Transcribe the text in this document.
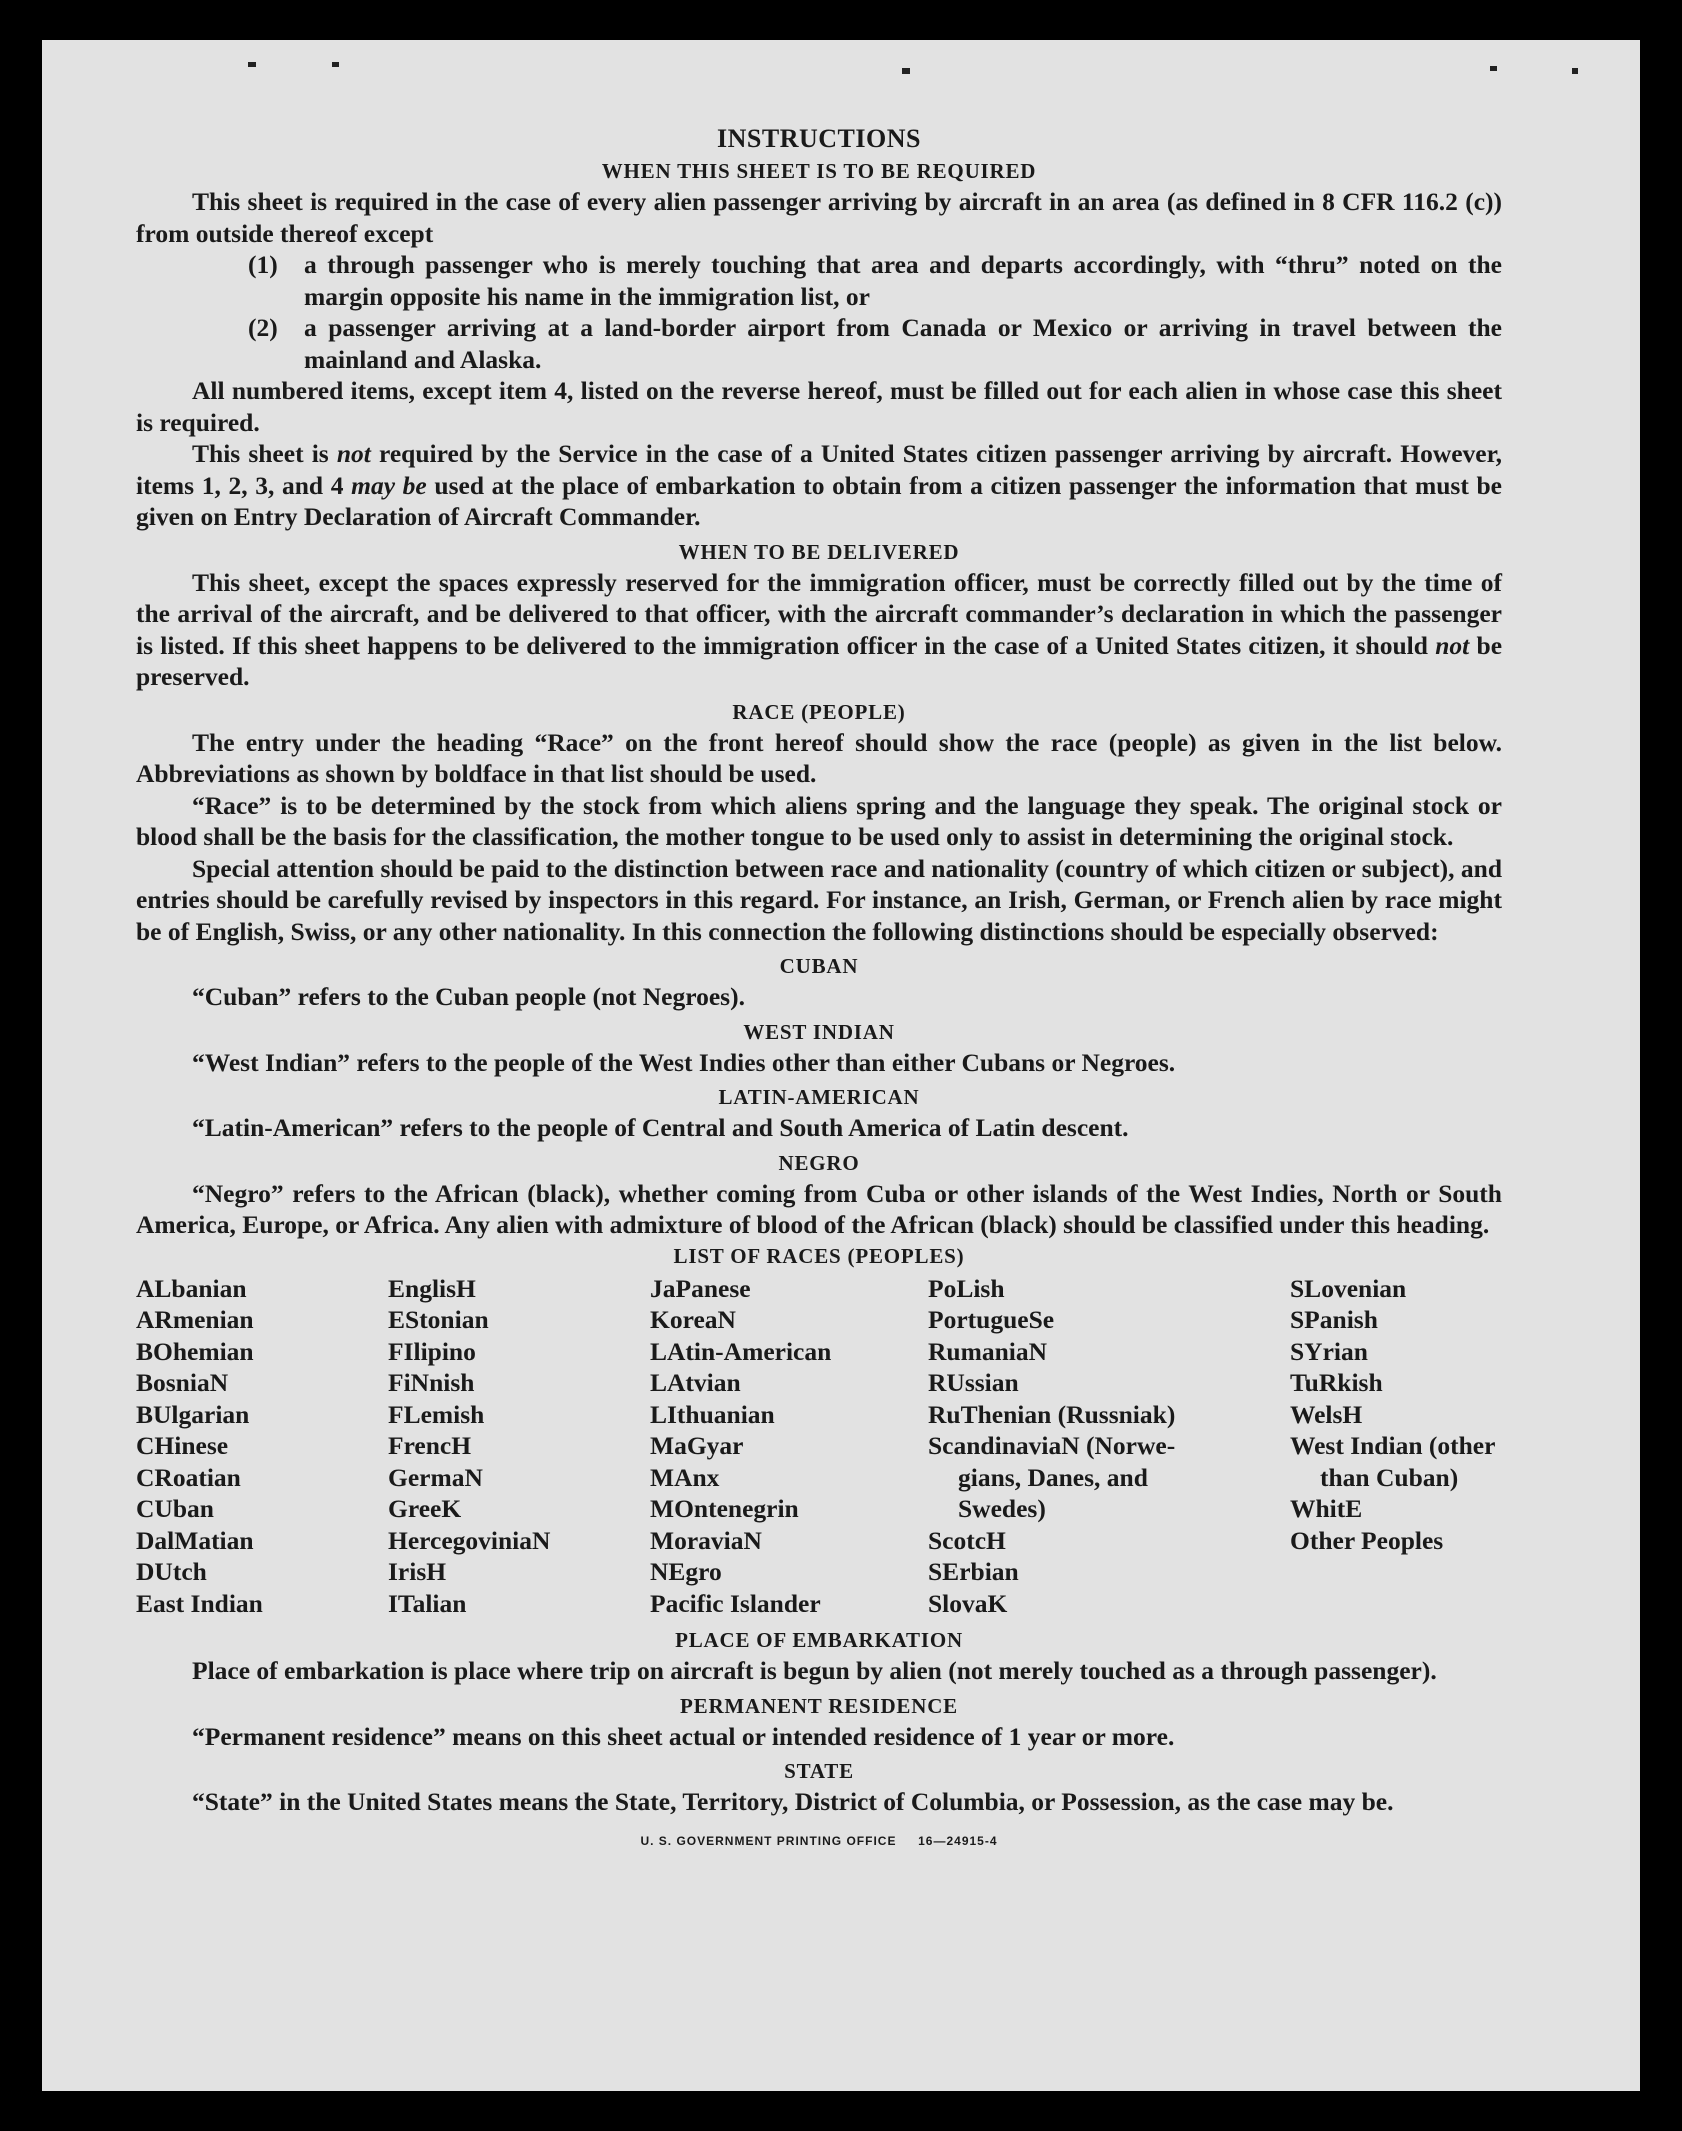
INSTRUCTIONS
WHEN THIS SHEET IS TO BE REQUIRED
This sheet is required in the case of every alien passenger arriving by aircraft in an area (as defined in 8 CFR 116.2 (c)) from outside thereof except
(1)	a through passenger who is merely touching that area and departs accordingly, with “thru” noted on the margin opposite his name in the immigration list, or
(2)	a passenger arriving at a land-border airport from Canada or Mexico or arriving in travel between the mainland and Alaska.
All numbered items, except item 4, listed on the reverse hereof, must be filled out for each alien in whose case this sheet is required.
This sheet is not required by the Service in the case of a United States citizen passenger arriving by aircraft. However, items 1, 2, 3, and 4 may be used at the place of embarkation to obtain from a citizen passenger the information that must be given on Entry Declaration of Aircraft Commander.
WHEN TO BE DELIVERED
This sheet, except the spaces expressly reserved for the immigration officer, must be correctly filled out by the time of the arrival of the aircraft, and be delivered to that officer, with the aircraft commander’s declaration in which the passenger is listed. If this sheet happens to be delivered to the immigration officer in the case of a United States citizen, it should not be preserved.
RACE (PEOPLE)
The entry under the heading “Race” on the front hereof should show the race (people) as given in the list below. Abbreviations as shown by boldface in that list should be used.
“Race” is to be determined by the stock from which aliens spring and the language they speak. The original stock or blood shall be the basis for the classification, the mother tongue to be used only to assist in determining the original stock.
Special attention should be paid to the distinction between race and nationality (country of which citizen or subject), and entries should be carefully revised by inspectors in this regard. For instance, an Irish, German, or French alien by race might be of English, Swiss, or any other nationality. In this connection the following distinctions should be especially observed:
CUBAN
“Cuban” refers to the Cuban people (not Negroes).
WEST INDIAN
“West Indian” refers to the people of the West Indies other than either Cubans or Negroes.
LATIN-AMERICAN
“Latin-American” refers to the people of Central and South America of Latin descent.
NEGRO
“Negro” refers to the African (black), whether coming from Cuba or other islands of the West Indies, North or South America, Europe, or Africa. Any alien with admixture of blood of the African (black) should be classified under this heading.
LIST OF RACES (PEOPLES)
ALbanian
ARmenian
BOhemian
BosniaN
BUlgarian
CHinese
CRoatian
CUban
DalMatian
DUtch
East Indian
EnglisH
EStonian
FIlipino
FiNnish
FLemish
FrencH
GermaN
GreeK
HercegoviniaN
IrisH
ITalian
JaPanese
KoreaN
LAtin-American
LAtvian
LIthuanian
MaGyar
MAnx
MOntenegrin
MoraviaN
NEgro
Pacific Islander
PoLish
PortugueSe
RumaniaN
RUssian
RuThenian (Russniak)
ScandinaviaN (Norwe-
gians, Danes, and
Swedes)
ScotcH
SErbian
SlovaK
SLovenian
SPanish
SYrian
TuRkish
WelsH
West Indian (other
than Cuban)
WhitE
Other Peoples
PLACE OF EMBARKATION
Place of embarkation is place where trip on aircraft is begun by alien (not merely touched as a through passenger).
PERMANENT RESIDENCE
“Permanent residence” means on this sheet actual or intended residence of 1 year or more.
STATE
“State” in the United States means the State, Territory, District of Columbia, or Possession, as the case may be.
U. S. GOVERNMENT PRINTING OFFICE     16—24915-4
